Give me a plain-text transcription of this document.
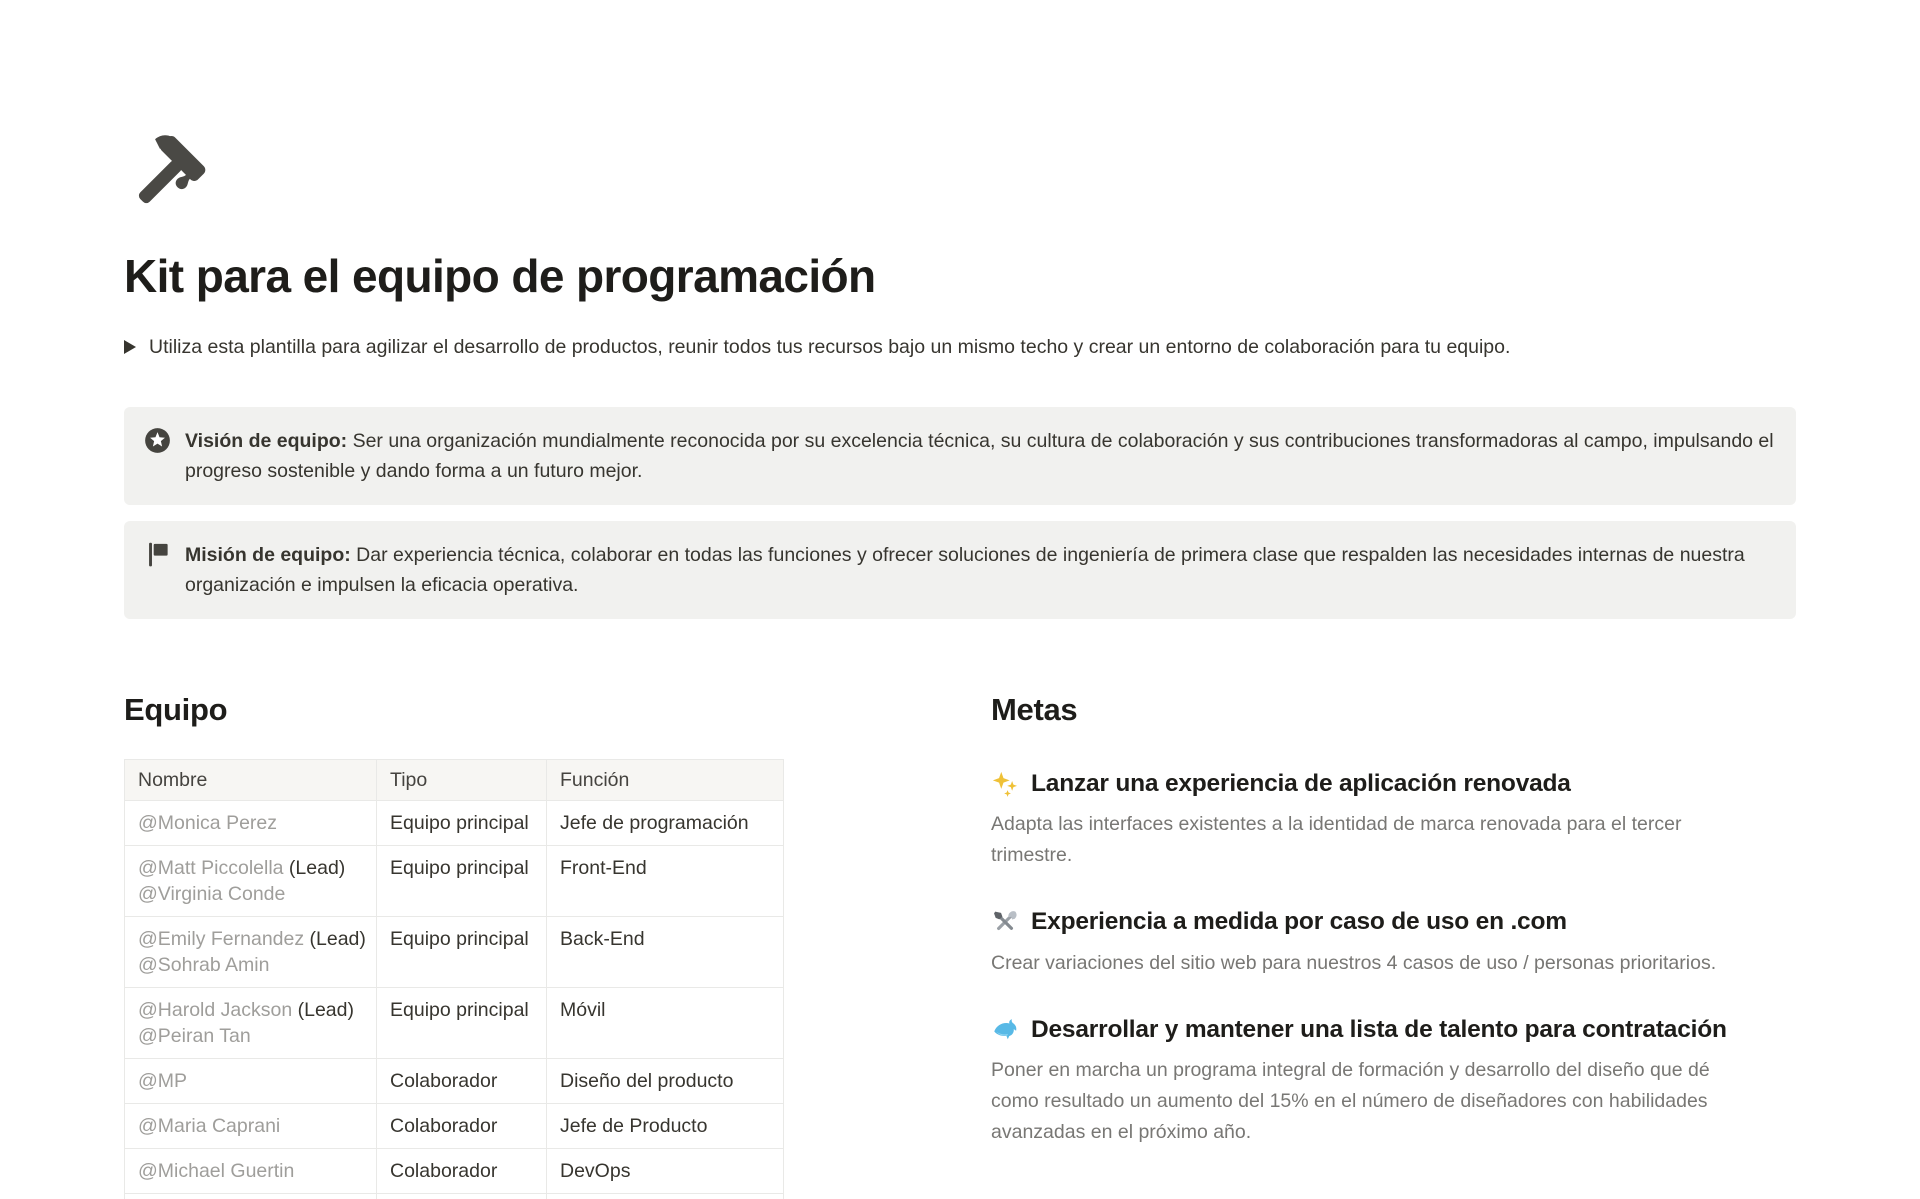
Kit para el equipo de programación
Utiliza esta plantilla para agilizar el desarrollo de productos, reunir todos tus recursos bajo un mismo techo y crear un entorno de colaboración para tu equipo.
Visión de equipo: Ser una organización mundialmente reconocida por su excelencia técnica, su cultura de colaboración y sus contribuciones transformadoras al campo, impulsando el progreso sostenible y dando forma a un futuro mejor.
Misión de equipo: Dar experiencia técnica, colaborar en todas las funciones y ofrecer soluciones de ingeniería de primera clase que respalden las necesidades internas de nuestra organización e impulsen la eficacia operativa.
Equipo
Nombre	Tipo	Función

@Monica Perez	Equipo principal	Jefe de programación

@Matt Piccolella (Lead)
@Virginia Conde	Equipo principal	Front-End

@Emily Fernandez (Lead)
@Sohrab Amin	Equipo principal	Back-End

@Harold Jackson (Lead)
@Peiran Tan	Equipo principal	Móvil

@MP	Colaborador	Diseño del producto

@Maria Caprani	Colaborador	Jefe de Producto

@Michael Guertin	Colaborador	DevOps

Metas
Lanzar una experiencia de aplicación renovada
Adapta las interfaces existentes a la identidad de marca renovada para el tercer trimestre.
Experiencia a medida por caso de uso en .com
Crear variaciones del sitio web para nuestros 4 casos de uso / personas prioritarios.
Desarrollar y mantener una lista de talento para contratación
Poner en marcha un programa integral de formación y desarrollo del diseño que dé como resultado un aumento del 15% en el número de diseñadores con habilidades avanzadas en el próximo año.
